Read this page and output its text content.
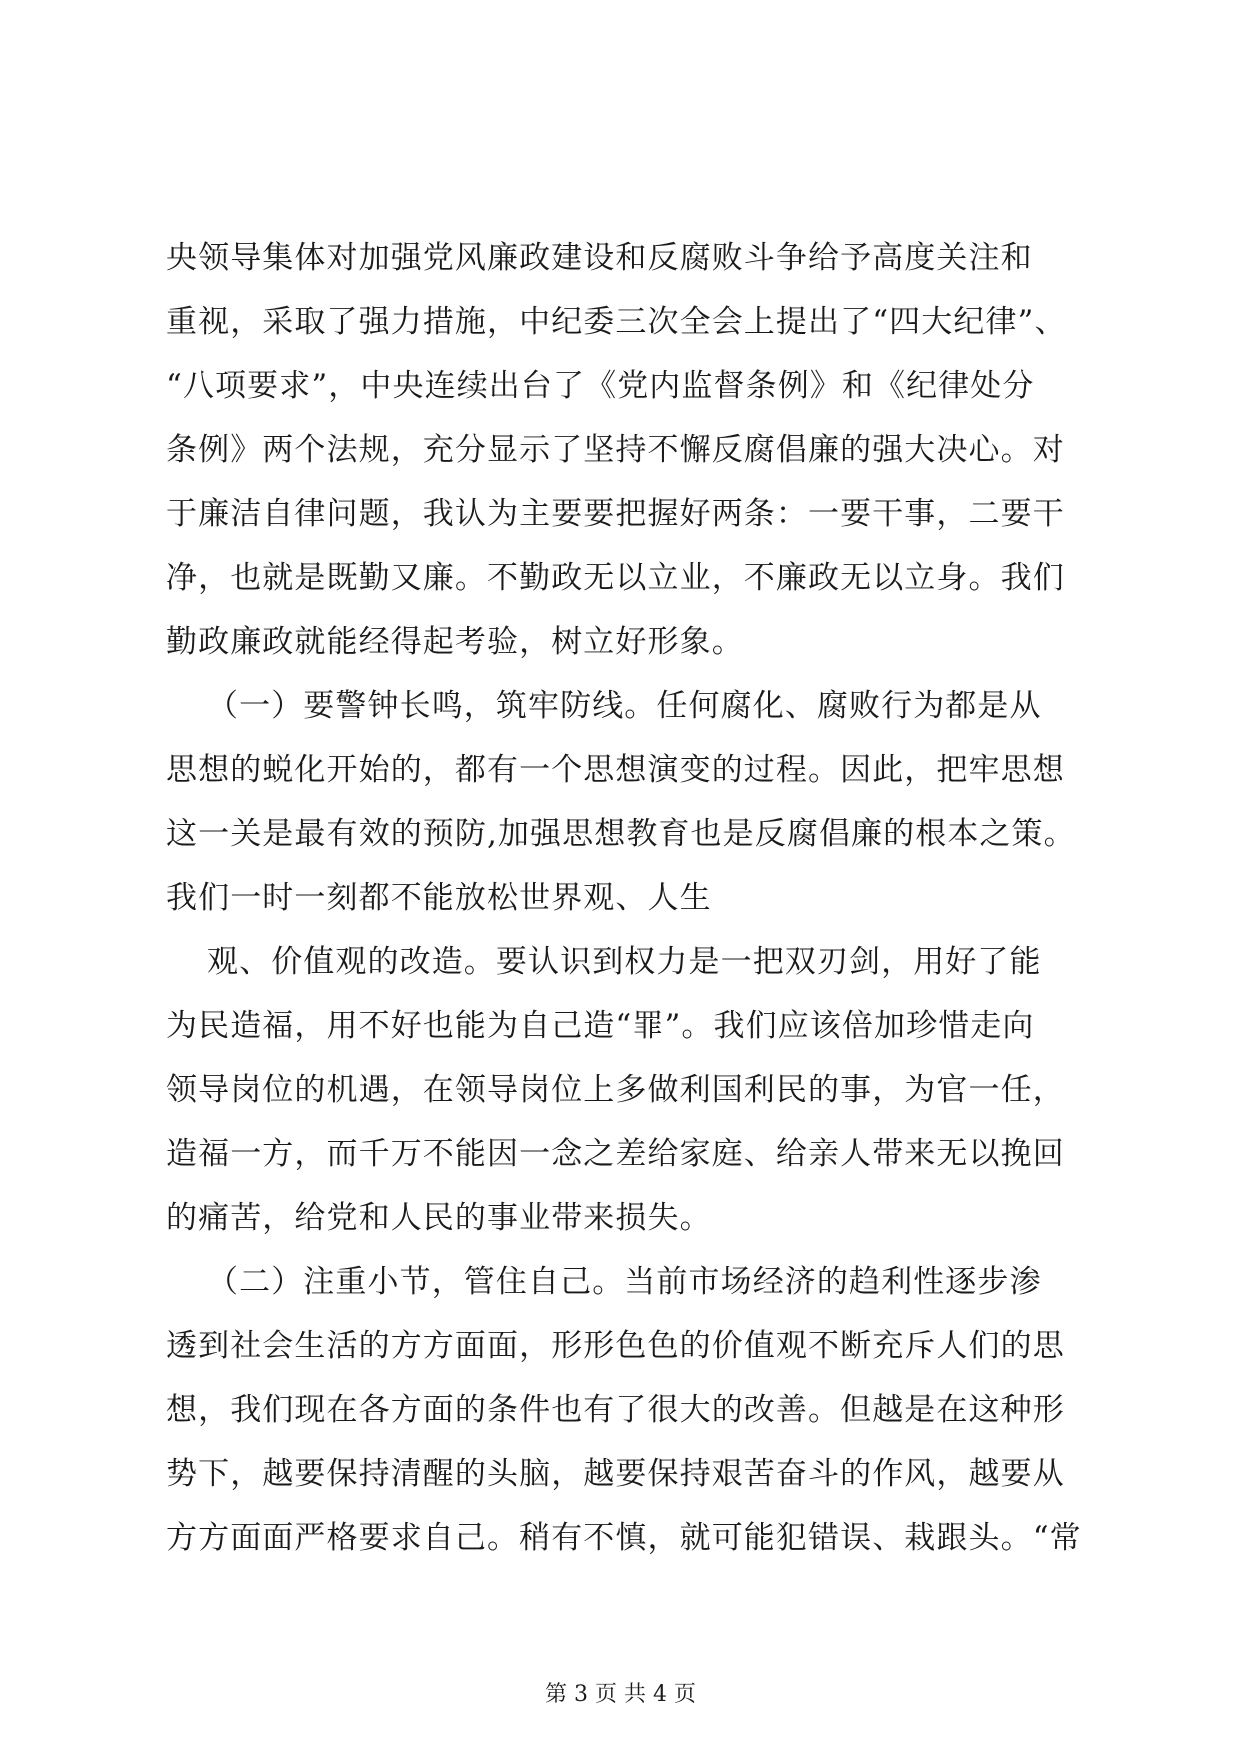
央领导集体对加强党风廉政建设和反腐败斗争给予高度关注和
重视，采取了强力措施，中纪委三次全会上提出了“四大纪律”、
“八项要求”，中央连续出台了《党内监督条例》和《纪律处分
条例》两个法规，充分显示了坚持不懈反腐倡廉的强大决心。对
于廉洁自律问题，我认为主要要把握好两条：一要干事，二要干
净，也就是既勤又廉。不勤政无以立业，不廉政无以立身。我们
勤政廉政就能经得起考验，树立好形象。
（一）要警钟长鸣，筑牢防线。任何腐化、腐败行为都是从
思想的蜕化开始的，都有一个思想演变的过程。因此，把牢思想
这一关是最有效的预防,加强思想教育也是反腐倡廉的根本之策。
我们一时一刻都不能放松世界观、人生
观、价值观的改造。要认识到权力是一把双刃剑，用好了能
为民造福，用不好也能为自己造“罪”。我们应该倍加珍惜走向
领导岗位的机遇，在领导岗位上多做利国利民的事，为官一任，
造福一方，而千万不能因一念之差给家庭、给亲人带来无以挽回
的痛苦，给党和人民的事业带来损失。
（二）注重小节，管住自己。当前市场经济的趋利性逐步渗
透到社会生活的方方面面，形形色色的价值观不断充斥人们的思
想，我们现在各方面的条件也有了很大的改善。但越是在这种形
势下，越要保持清醒的头脑，越要保持艰苦奋斗的作风，越要从
方方面面严格要求自己。稍有不慎，就可能犯错误、栽跟头。“常
第 3 页 共 4 页
